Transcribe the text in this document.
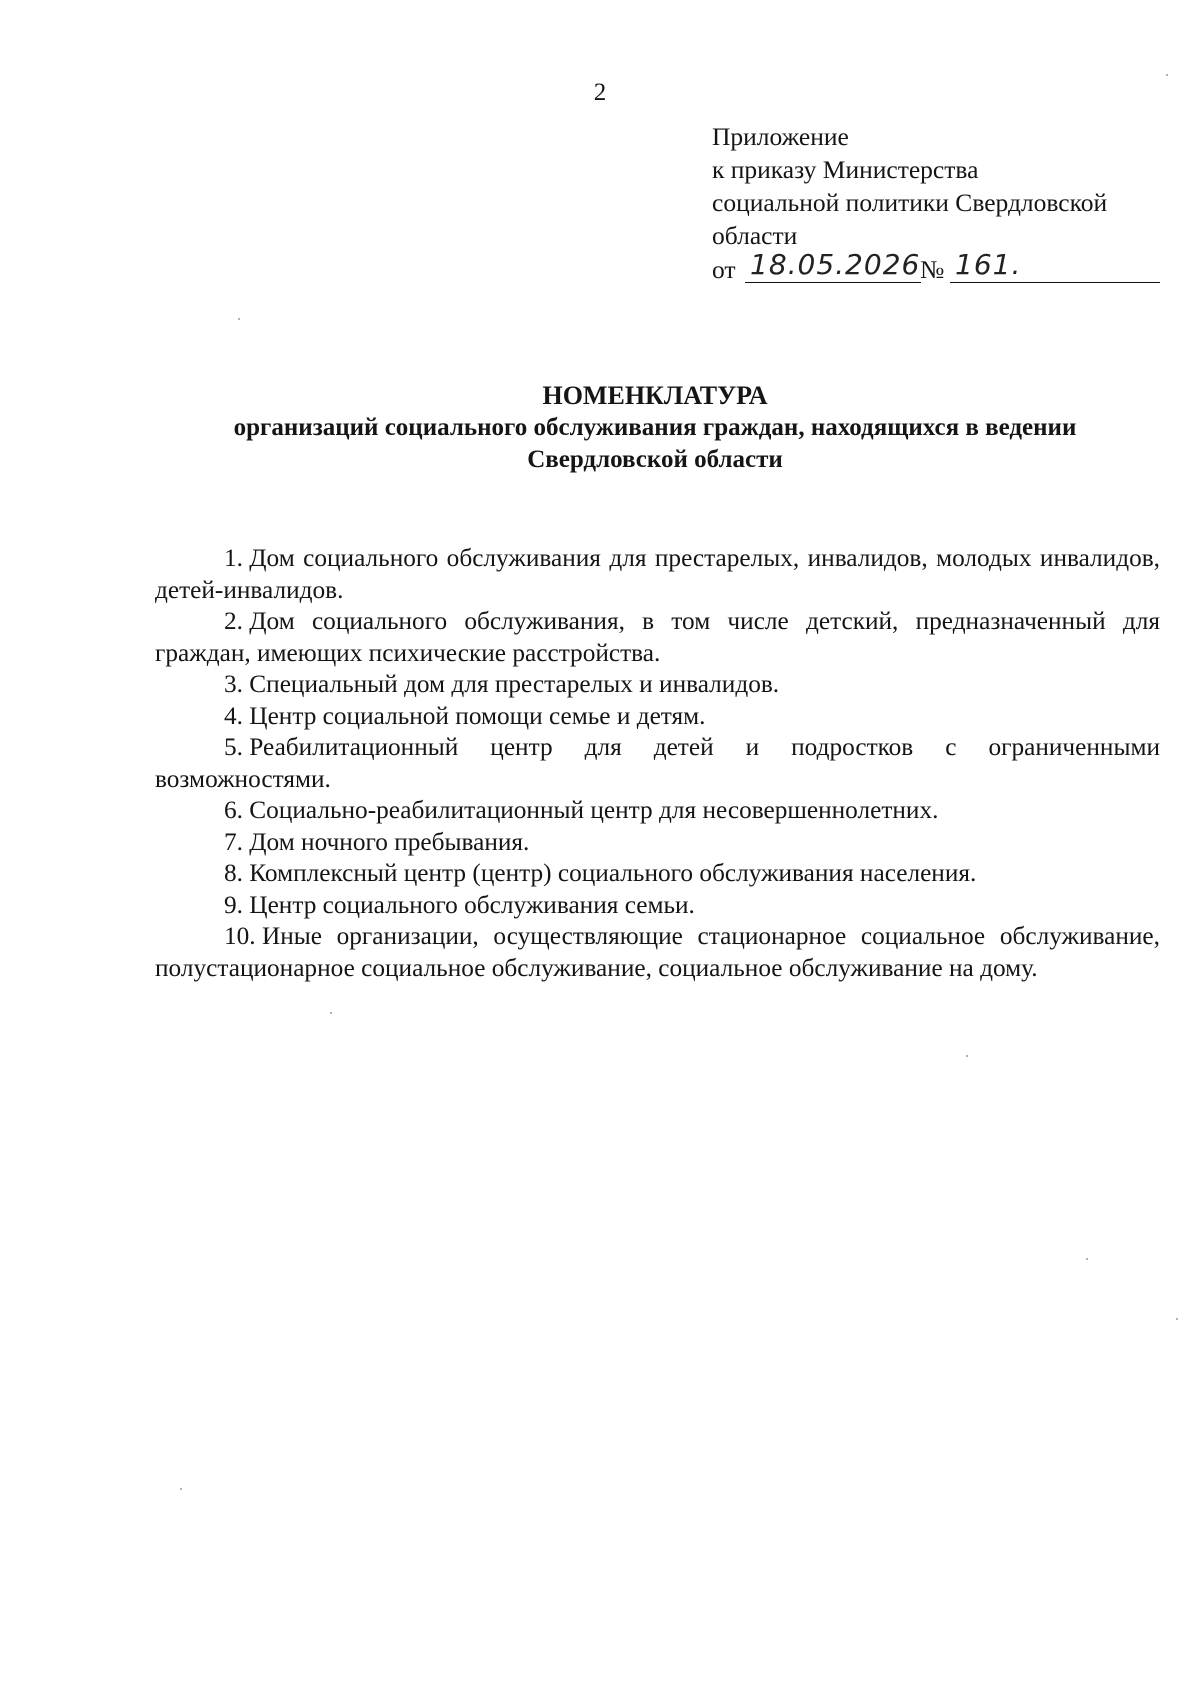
2
Приложение
к приказу Министерства
социальной политики Свердловской
области
от 18.05.2026 № 161.
НОМЕНКЛАТУРА
организаций социального обслуживания граждан, находящихся в ведении
Свердловской области

1. Дом социального обслуживания для престарелых, инвалидов, молодых инвалидов, детей-инвалидов.

2. Дом социального обслуживания, в том числе детский, предназначенный для граждан, имеющих психические расстройства.

3. Специальный дом для престарелых и инвалидов.

4. Центр социальной помощи семье и детям.

5. Реабилитационный центр для детей и подростков с ограниченными возможностями.

6. Социально-реабилитационный центр для несовершеннолетних.

7. Дом ночного пребывания.

8. Комплексный центр (центр) социального обслуживания населения.

9. Центр социального обслуживания семьи.

10. Иные организации, осуществляющие стационарное социальное обслуживание, полустационарное социальное обслуживание, социальное обслуживание на дому.
